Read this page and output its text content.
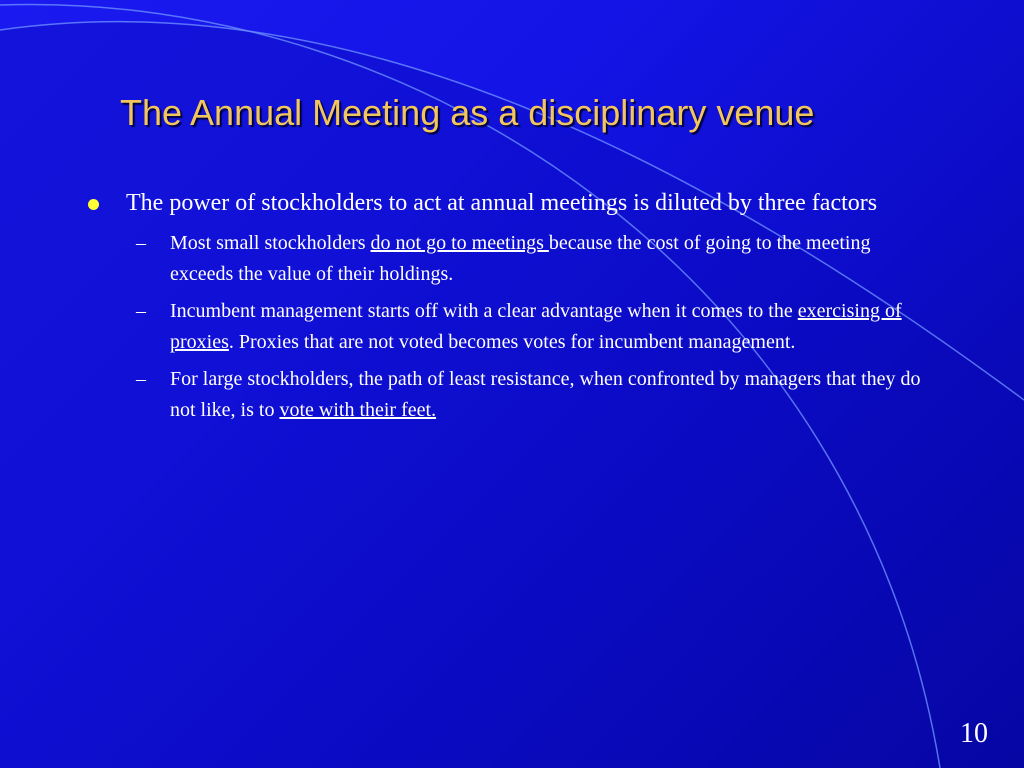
The Annual Meeting as a disciplinary venue
The power of stockholders to act at annual meetings is diluted by three factors
– Most small stockholders do not go to meetings because the cost of going to the meeting exceeds the value of their holdings.
– Incumbent management starts off with a clear advantage when it comes to the exercising of proxies. Proxies that are not voted becomes votes for incumbent management.
– For large stockholders, the path of least resistance, when confronted by managers that they do not like, is to vote with their feet.
10
